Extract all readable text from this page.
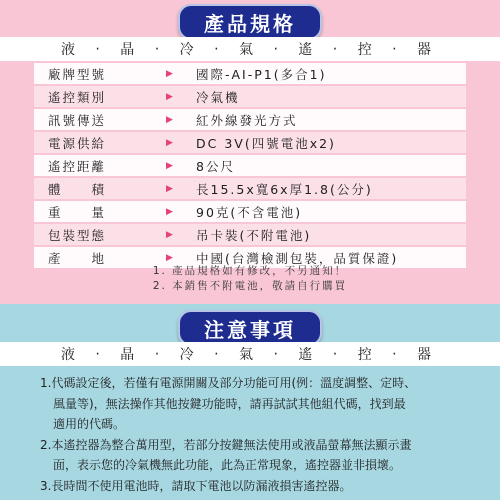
產品規格
液 ‧ 晶 ‧ 冷 ‧ 氣 ‧ 遙 ‧ 控 ‧ 器
廠牌型號	▶	國際-AI-P1(多合1)
遙控類別	▶	冷氣機
訊號傳送	▶	紅外線發光方式
電源供給	▶	DC 3V(四號電池x2)
遙控距離	▶	8公尺
體　　積	▶	長15.5x寬6x厚1.8(公分)
重　　量	▶	90克(不含電池)
包裝型態	▶	吊卡裝(不附電池)
產　　地	▶	中國(台灣檢測包裝，品質保證)
1. 產品規格如有修改，不另通知！
2. 本銷售不附電池，敬請自行購買
注意事項
液 ‧ 晶 ‧ 冷 ‧ 氣 ‧ 遙 ‧ 控 ‧ 器
1.代碼設定後，若僅有電源開關及部分功能可用(例：溫度調整、定時、
風量等)，無法操作其他按鍵功能時，請再試試其他組代碼，找到最
適用的代碼。
2.本遙控器為整合萬用型，若部分按鍵無法使用或液晶螢幕無法顯示畫
面，表示您的冷氣機無此功能，此為正常現象，遙控器並非損壞。
3.長時間不使用電池時，請取下電池以防漏液損害遙控器。
